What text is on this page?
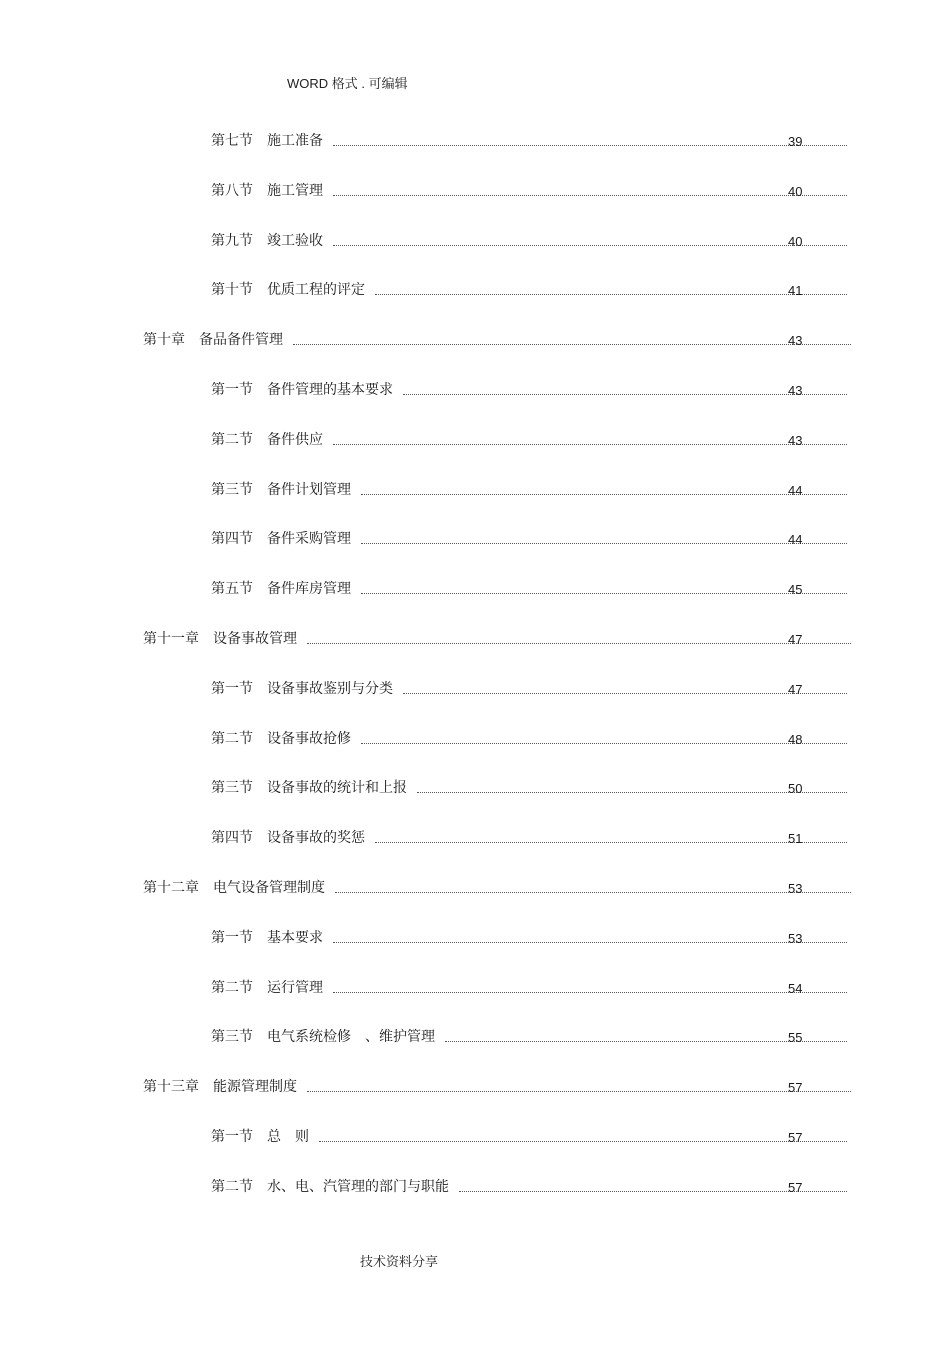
WORD 格式 . 可编辑
第七节 施工准备	39
第八节 施工管理	40
第九节 竣工验收	40
第十节 优质工程的评定	41
第十章 备品备件管理	43
第一节 备件管理的基本要求	43
第二节 备件供应	43
第三节 备件计划管理	44
第四节 备件采购管理	44
第五节 备件库房管理	45
第十一章 设备事故管理	47
第一节 设备事故鉴别与分类	47
第二节 设备事故抢修	48
第三节 设备事故的统计和上报	50
第四节 设备事故的奖惩	51
第十二章 电气设备管理制度	53
第一节 基本要求	53
第二节 运行管理	54
第三节 电气系统检修　、维护管理	55
第十三章 能源管理制度	57
第一节 总　则	57
第二节 水、电、汽管理的部门与职能	57
技术资料分享
